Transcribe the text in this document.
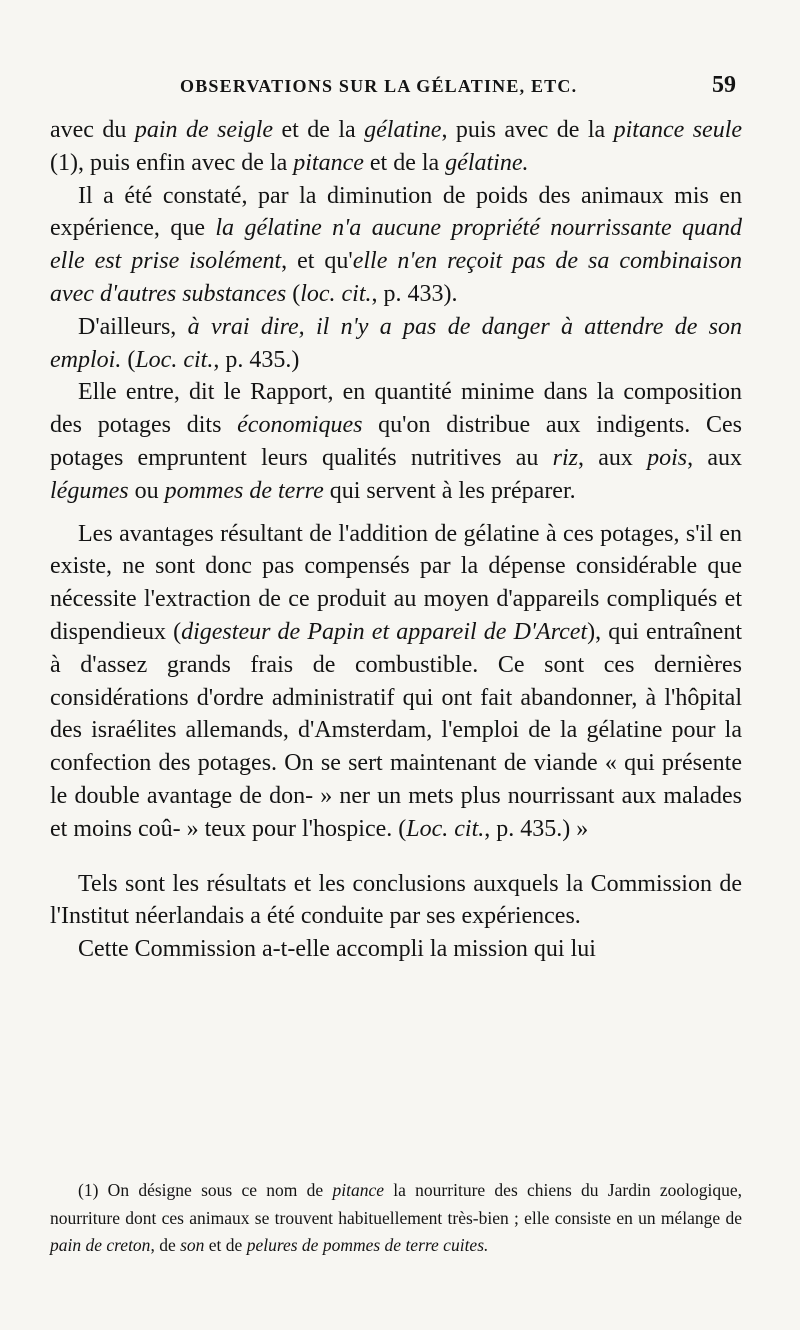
OBSERVATIONS SUR LA GÉLATINE, ETC.	59

avec du pain de seigle et de la gélatine, puis avec de la pitance seule (1), puis enfin avec de la pitance et de la gélatine.

Il a été constaté, par la diminution de poids des animaux mis en expérience, que la gélatine n'a aucune propriété nourrissante quand elle est prise isolément, et qu'elle n'en reçoit pas de sa combinaison avec d'autres substances (loc. cit., p. 433).

D'ailleurs, à vrai dire, il n'y a pas de danger à attendre de son emploi. (Loc. cit., p. 435.)

Elle entre, dit le Rapport, en quantité minime dans la composition des potages dits économiques qu'on distribue aux indigents. Ces potages empruntent leurs qualités nutritives au riz, aux pois, aux légumes ou pommes de terre qui servent à les préparer.

Les avantages résultant de l'addition de gélatine à ces potages, s'il en existe, ne sont donc pas compensés par la dépense considérable que nécessite l'extraction de ce produit au moyen d'appareils compliqués et dispendieux (digesteur de Papin et appareil de D'Arcet), qui entraînent à d'assez grands frais de combustible. Ce sont ces dernières considérations d'ordre administratif qui ont fait abandonner, à l'hôpital des israélites allemands, d'Amsterdam, l'emploi de la gélatine pour la confection des potages. On se sert maintenant de viande « qui présente le double avantage de don- » ner un mets plus nourrissant aux malades et moins coû- » teux pour l'hospice. (Loc. cit., p. 435.) »

Tels sont les résultats et les conclusions auxquels la Commission de l'Institut néerlandais a été conduite par ses expériences.

Cette Commission a-t-elle accompli la mission qui lui

(1) On désigne sous ce nom de pitance la nourriture des chiens du Jardin zoologique, nourriture dont ces animaux se trouvent habituellement très-bien ; elle consiste en un mélange de pain de creton, de son et de pelures de pommes de terre cuites.
